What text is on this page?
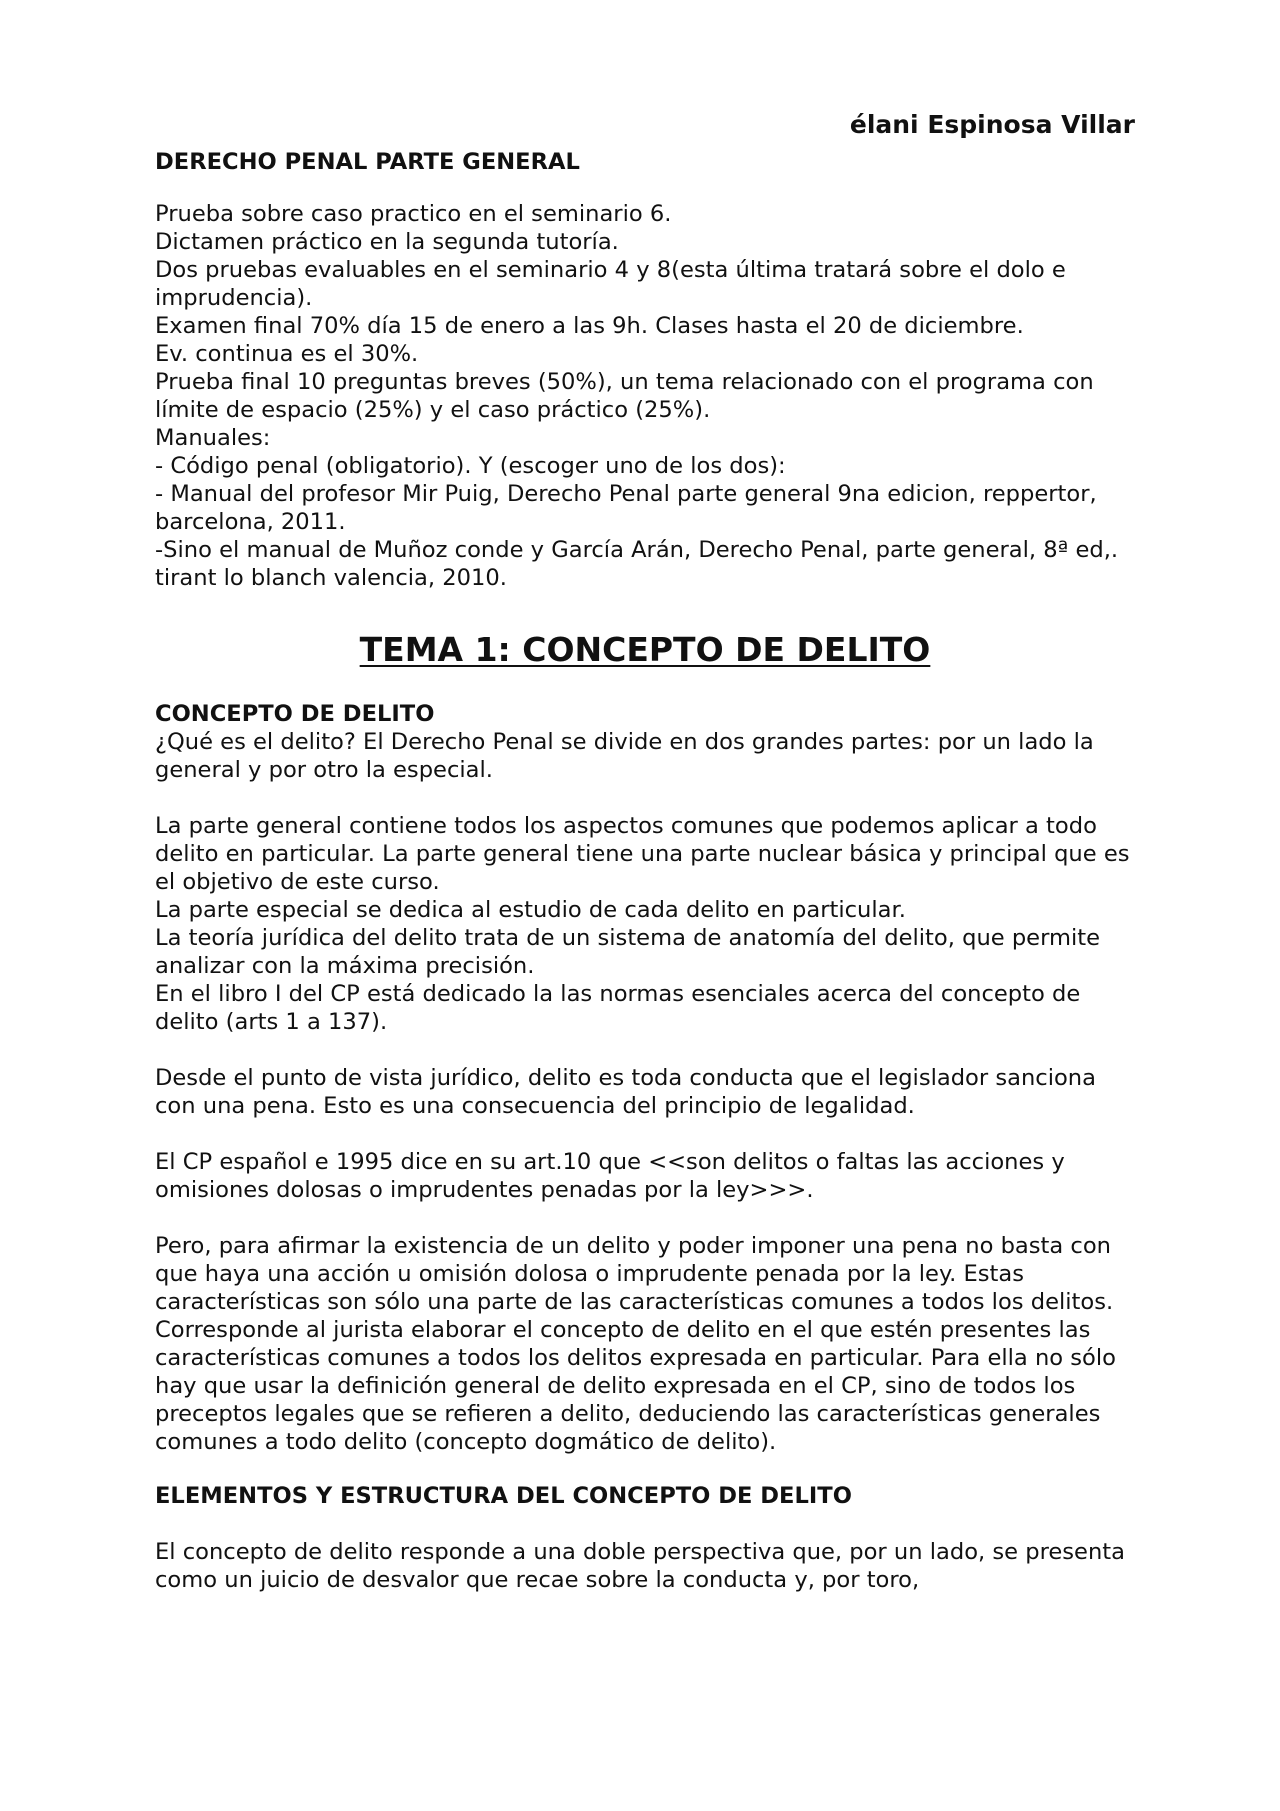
élani Espinosa Villar

DERECHO PENAL PARTE GENERAL

Prueba sobre caso practico en el seminario 6.

Dictamen práctico en la segunda tutoría.

Dos pruebas evaluables en el seminario 4 y 8(esta última tratará sobre el dolo e imprudencia).

Examen final 70% día 15 de enero a las 9h. Clases hasta el 20 de diciembre.

Ev. continua es el 30%.

Prueba final 10 preguntas breves (50%), un tema relacionado con el programa con límite de espacio (25%) y el caso práctico (25%).

Manuales:

- Código penal (obligatorio). Y (escoger uno de los dos):

- Manual del profesor Mir Puig, Derecho Penal parte general 9na edicion, reppertor, barcelona, 2011.

-Sino el manual de Muñoz conde y García Arán, Derecho Penal, parte general, 8ª ed,. tirant lo blanch valencia, 2010.

TEMA 1: CONCEPTO DE DELITO

CONCEPTO DE DELITO

¿Qué es el delito? El Derecho Penal se divide en dos grandes partes: por un lado la general y por otro la especial.

La parte general contiene todos los aspectos comunes que podemos aplicar a todo delito en particular. La parte general tiene una parte nuclear básica y principal que es el objetivo de este curso.

La parte especial se dedica al estudio de cada delito en particular.

La teoría jurídica del delito trata de un sistema de anatomía del delito, que permite analizar con la máxima precisión.

En el libro I del CP está dedicado la las normas esenciales acerca del concepto de delito (arts 1 a 137).

Desde el punto de vista jurídico, delito es toda conducta que el legislador sanciona con una pena. Esto es una consecuencia del principio de legalidad.

El CP español e 1995 dice en su art.10 que <<son delitos o faltas las acciones y omisiones dolosas o imprudentes penadas por la ley>>>.

Pero, para afirmar la existencia de un delito y poder imponer una pena no basta con que haya una acción u omisión dolosa o imprudente penada por la ley. Estas características son sólo una parte de las características comunes a todos los delitos. Corresponde al jurista elaborar el concepto de delito en el que estén presentes las características comunes a todos los delitos expresada en particular. Para ella no sólo hay que usar la definición general de delito expresada en el CP, sino de todos los preceptos legales que se refieren a delito, deduciendo las características generales comunes a todo delito (concepto dogmático de delito).

ELEMENTOS Y ESTRUCTURA DEL CONCEPTO DE DELITO

El concepto de delito responde a una doble perspectiva que, por un lado, se presenta como un juicio de desvalor que recae sobre la conducta y, por toro,
